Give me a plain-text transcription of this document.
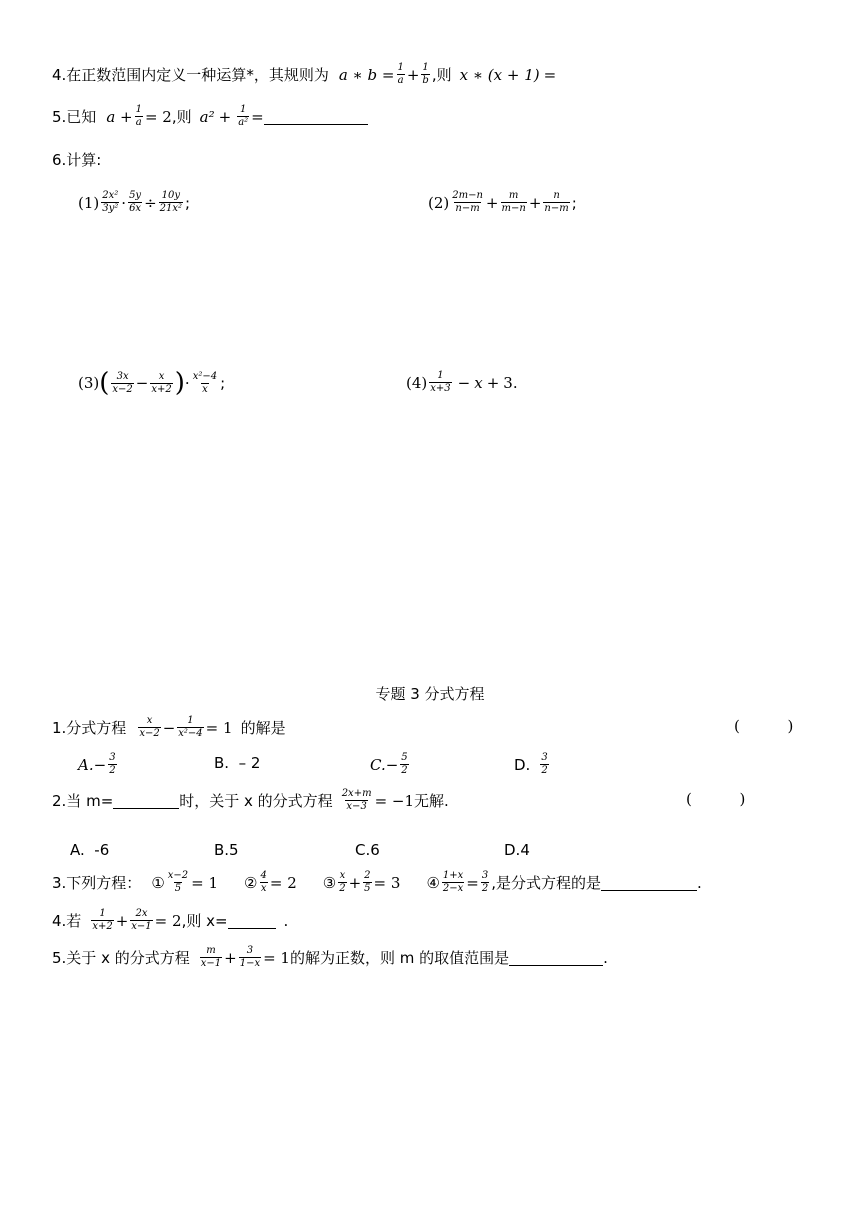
4.在正数范围内定义一种运算*，其规则为 a ∗ $b = \frac{1}{a} + \frac{1}{b}$ ,则 x ∗ (x + 1) =
5.已知 $a + \frac{1}{a} = 2$ ,则 $a^2 + \frac{1}{\text{a²}}$ =
6.计算:
$(1) \frac{\text{2x²}}{\text{3y²}} \cdot \frac{5y}{6x} \div \frac{10y}{\text{21x²}}$ ;	$(2) \frac{2m-n}{n-m} + \frac{m}{m-n} + \frac{n}{n-m}$ ;
(3) ( $\frac{3x}{x-2} - \frac{x}{x+2}$ ) · $\frac{\text{x²−4}}{x}$ ;	$(4) \frac{1}{x+3} - x + 3$ .
专题 3 分式方程
1.分式方程 $\frac{x}{x-2} - \frac{1}{\text{x²−4}} = 1$ 的解是	(          )
A. − $\frac{3}{2}$	B.  – 2	C. − $\frac{5}{2}$	D. $\frac{3}{2}$
2.当 m=	时，关于 x 的分式方程 $\frac{2x+m}{x-3} = -1$ 无解.	(          )
A.  -6	B.5	C.6	D.4
3.下列方程： ① $\frac{x-2}{5} = 1$ ② $\frac{4}{x} = 2$ ③ $\frac{x}{2} + \frac{2}{5} = 3$ ④ $\frac{1+x}{2-x} = \frac{3}{2}$ ,是分式方程的是	.
4.若 $\frac{1}{x+2} + \frac{2x}{x-1} = 2$ ,则 x=	.
5.关于 x 的分式方程 $\frac{m}{x-1} + \frac{3}{1-x} = 1$ 的解为正数，则 m 的取值范围是	.
